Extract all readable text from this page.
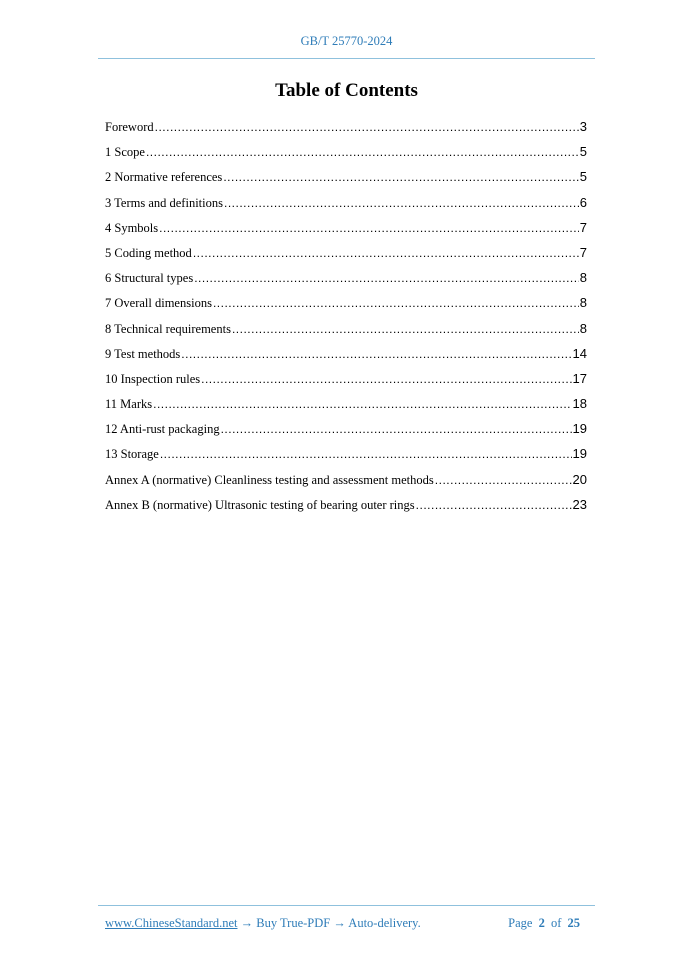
GB/T 25770-2024
Table of Contents
Foreword .....	3
1 Scope .....	5
2 Normative references .....	5
3 Terms and definitions .....	6
4 Symbols .....	7
5 Coding method .....	7
6 Structural types .....	8
7 Overall dimensions .....	8
8 Technical requirements .....	8
9 Test methods .....	14
10 Inspection rules .....	17
11 Marks .....	18
12 Anti-rust packaging .....	19
13 Storage .....	19
Annex A (normative) Cleanliness testing and assessment methods .....	20
Annex B (normative) Ultrasonic testing of bearing outer rings .....	23
www.ChineseStandard.net → Buy True-PDF → Auto-delivery.	Page 2 of 25
